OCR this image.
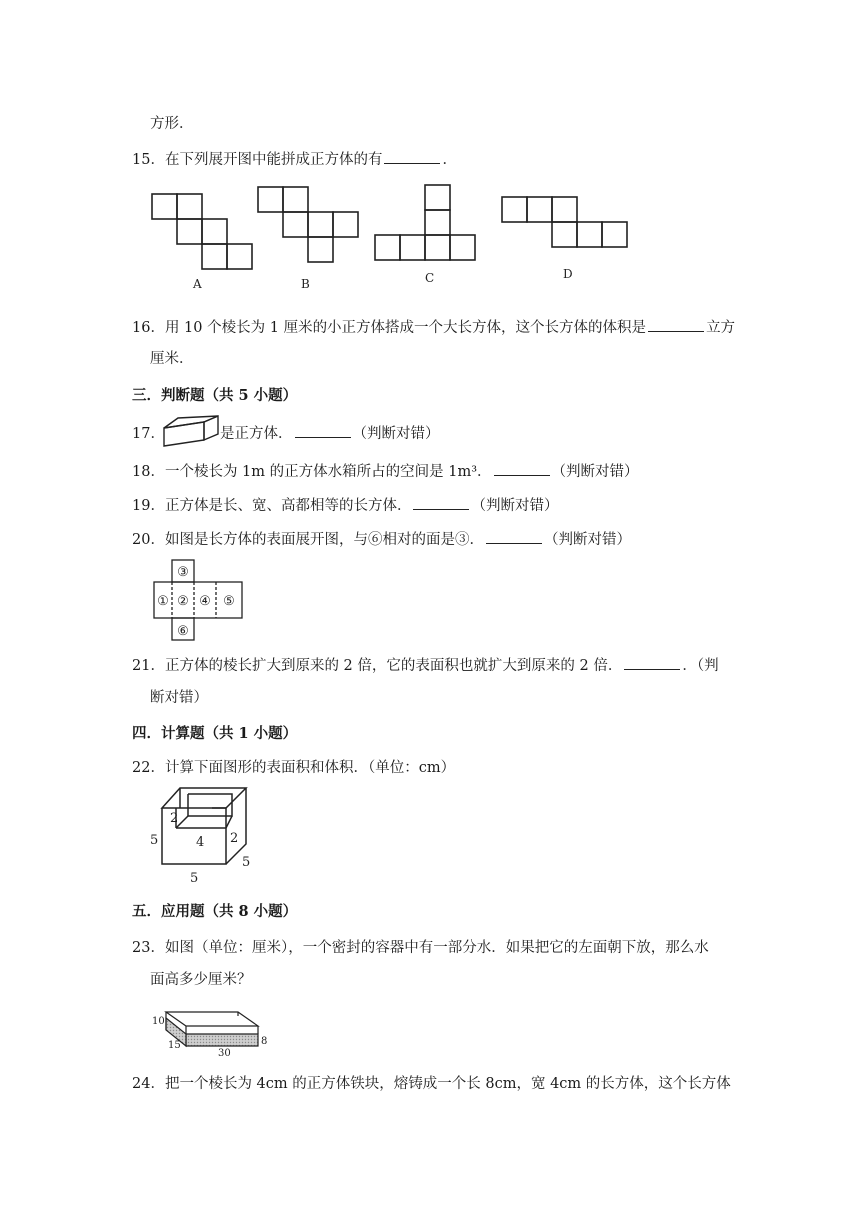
方形．
15．在下列展开图中能拼成正方体的有	．
A	B	C	D
16．用 10 个棱长为 1 厘米的小正方体搭成一个大长方体，这个长方体的体积是	立方
厘米．
三．判断题（共 5 小题）
17．	是正方体．	（判断对错）
18．一个棱长为 1m 的正方体水箱所占的空间是 1m³．	（判断对错）
19．正方体是长、宽、高都相等的长方体．	（判断对错）
20．如图是长方体的表面展开图，与⑥相对的面是③．	（判断对错）
③
① ② ④ ⑤
⑥
21．正方体的棱长扩大到原来的 2 倍，它的表面积也就扩大到原来的 2 倍．	．（判
断对错）
四．计算题（共 1 小题）
22．计算下面图形的表面积和体积．（单位：cm）
5
2
4 2
5
5
五．应用题（共 8 小题）
23．如图（单位：厘米），一个密封的容器中有一部分水．如果把它的左面朝下放，那么水
面高多少厘米？
10
15
30
8
24．把一个棱长为 4cm 的正方体铁块，熔铸成一个长 8cm，宽 4cm 的长方体，这个长方体
